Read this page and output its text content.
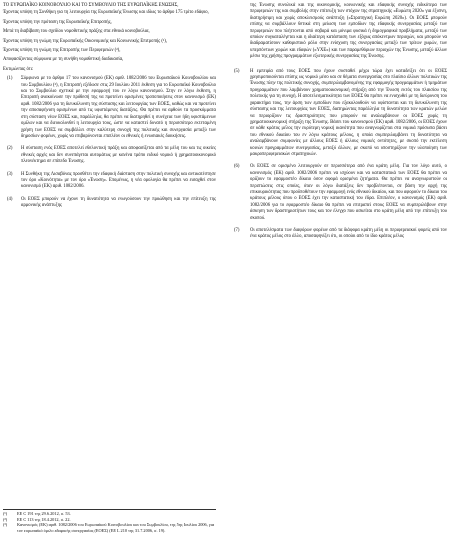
ΤΟ ΕΥΡΩΠΑΪΚΟ ΚΟΙΝΟΒΟΥΛΙΟ ΚΑΙ ΤΟ ΣΥΜΒΟΥΛΙΟ ΤΗΣ ΕΥΡΩΠΑΪΚΗΣ ΕΝΩΣΗΣ,

Έχοντας υπόψη τη Συνθήκη για τη λειτουργία της Ευρωπαϊκής Ένωσης και ιδίως το άρθρο 175 τρίτο εδάφιο,

Έχοντας υπόψη την πρόταση της Ευρωπαϊκής Επιτροπής,

Μετά τη διαβίβαση του σχεδίου νομοθετικής πράξης στα εθνικά κοινοβούλια,

Έχοντας υπόψη τη γνώμη της Ευρωπαϊκής Οικονομικής και Κοινωνικής Επιτροπής (¹),

Έχοντας υπόψη τη γνώμη της Επιτροπής των Περιφερειών (²),

Αποφασίζοντας σύμφωνα με τη συνήθη νομοθετική διαδικασία,

Εκτιμώντας ότι:

(1)	Σύμφωνα με το άρθρο 17 του κανονισμού (ΕΚ) αριθ. 1082/2006 του Ευρωπαϊκού Κοινοβουλίου και του Συμβουλίου (³), η Επιτροπή εξέδωσε στις 29 Ιουλίου 2011 έκθεση για το Ευρωπαϊκό Κοινοβούλιο και το Συμβούλιο σχετικά με την εφαρμογή του εν λόγω κανονισμού. Στην εν λόγω έκθεση, η Επιτροπή ανακοίνωσε την πρόθεσή της να προτείνει ορισμένες τροποποιήσεις στον κανονισμό (ΕΚ) αριθ. 1082/2006 για τη διευκόλυνση της σύστασης και λειτουργίας των ΕΟΕΣ, καθώς και να προτείνει την αποσαφήνιση ορισμένων από τις υφιστάμενες διατάξεις. Θα πρέπει να αρθούν τα προσκόμματα στη σύσταση νέων ΕΟΕΣ και, παράλληλα, θα πρέπει να διατηρηθεί η συνέχεια των ήδη υφιστάμενων ομίλων και να διευκολυνθεί η λειτουργία τους, ώστε να καταστεί δυνατό η περισσότερο εκτεταμένη χρήση των ΕΟΕΣ να συμβάλλει στην καλύτερη συνοχή της πολιτικής και συνεργασία μεταξύ των δημοσίων φορέων, χωρίς να επιβαρύνονται επιπλέον οι εθνικές ή ενωσιακές διοικήσεις.
(2)	Η σύσταση ενός ΕΟΕΣ αποτελεί εθελοντική πράξη και αποφασίζεται από τα μέλη του και τις οικείες εθνικές αρχές και δεν συνεπάγεται αυτομάτως με κανένα τρόπο ειδικό νομικό ή χρηματοοικονομικό πλεονέκτημα σε επίπεδο Ένωσης.
(3)	Η Συνθήκη της Λισαβόνας προσθέτει την εδαφική διάσταση στην πολιτική συνοχής και αντικατέστησε τον όρο «Κοινότητα» με τον όρο «Ένωση». Επομένως, η νέα ορολογία θα πρέπει να εισαχθεί στον κανονισμό (ΕΚ) αριθ. 1082/2006.
(4)	Οι ΕΟΕΣ μπορούν να έχουν τη δυνατότητα να ενωγούσουν την προώθηση και την επίτευξη της αρμονικής ανάπτυξης
(¹)	ΕΕ C 191 της 29.6.2012, σ. 53.
(²)	ΕΕ C 113 της 18.4.2012, σ. 22.
(³)	Κανονισμός (ΕΚ) αριθ. 1082/2006 του Ευρωπαϊκού Κοινοβουλίου και του Συμβουλίου, της 5ης Ιουλίου 2006, για τον ευρωπαϊκό όμιλο εδαφικής συνεργασίας (ΕΟΕΣ) (ΕΕ L 210 της 31.7.2006, σ. 19).

της Ένωσης συνολικά και της οικονομικής, κοινωνικής και εδαφικής συνοχής ειδικότερα των περιφερειών της και συμβολής στην επίτευξη των στόχων της στρατηγικής «Ευρώπη 2020» για έξυπνη, διατηρήσιμη και χωρίς αποκλεισμούς ανάπτυξη («Στρατηγική Ευρώπη 2020»). Οι ΕΟΕΣ μπορούν επίσης να συμβάλλουν θετικά στη μείωση των εμποδίων της εδαφικής συνεργασίας μεταξύ των περιφερειών που πλήττονται από σοβαρά και μόνιμα φυσικά ή δημογραφικά προβλήματα, μεταξύ των οποίων συγκαταλέγεται και η ιδιαίτερη κατάσταση των εξόχως απόκεντρων περιοχών, και μπορούν να διαδραματίσουν καθοριστικό ρόλο στην ενίσχυση της συνεργασίας μεταξύ των τρίτων χωρών, των υπερπόντιων χωρών και εδαφών («ΥΧΕ») και των παραμεθόριων περιοχών της Ένωσης, μεταξύ άλλων μέσω της χρήσης προγραμμάτων εξωτερικής συνεργασίας της Ένωσης.

(5)	Η εμπειρία από τους ΕΟΕΣ που έχουν συσταθεί μέχρι τώρα έχει καταδείξει ότι οι ΕΟΕΣ χρησιμοποιούνται επίσης ως νομικό μέσο και σε θέματα συνεργασίας στο πλαίσιο άλλων πολιτικών της Ένωσης πλην της πολιτικής συνοχής, συμπεριλαμβανομένης της εφαρμογής προγραμμάτων ή τμημάτων προγραμμάτων που λαμβάνουν χρηματοοικονομική στήριξη από την Ένωση εκτός του πλαισίου της πολιτικής για τη συνοχή. Η αποτελεσματικότητα των ΕΟΕΣ θα πρέπει να ενισχυθεί με τη διεύρυνση του χαρακτήρα τους, την άρση των εμποδίων που εξακολουθούν να υφίστανται και τη διευκόλυνση της σύστασης και της λειτουργίας των ΕΟΕΣ, διατηρώντας παράλληλα τη δυνατότητα των κρατών μελών να περιορίζουν τις δραστηριότητες που μπορούν να αναλαμβάνουν οι ΕΟΕΣ χωρίς τη χρηματοοικονομική στήριξη της Ένωσης. Βάσει του κανονισμού (ΕΚ) αριθ. 1082/2006, οι ΕΟΕΣ έχουν σε κάθε κράτος μέλος την ευρύτερη νομική ικανότητα που αναγνωρίζεται στα νομικά πρόσωπα βάσει του εθνικού δικαίου του εν λόγω κράτους μέλους, η οποία συμπεριλαμβάνει τη δυνατότητα να αναλαμβάνουν συμφωνίες με άλλους ΕΟΕΣ ή άλλους νομικές οντότητες, με σκοπό την εκτέλεση κοινών προγραμμάτων συνεργασίας, μεταξύ άλλων, με σκοπό να υποστηρίξουν την υλοποίηση των μακροπεριφερειακών στρατηγικών.
(6)	Οι ΕΟΕΣ σε ορισμένο λειτουργούν σε περισσότερα από ένα κράτη μέλη. Για τον λόγο αυτό, ο κανονισμός (ΕΚ) αριθ. 1082/2006 πρέπει να ισχύουν και να καταστατικά των ΕΟΕΣ θα πρέπει να ορίζουν το εφαρμοστέο δίκαιο όσον αφορά ορισμένα ζητήματα. Θα πρέπει να αναγνωριστούν οι περιπτώσεις στις οποίες, όταν οι λόγω διατάξεις δεν προβλέπονται, σε βάση την αρχή της επικουρικότητας που προϋποθέτουν την εφαρμογή ενός εθνικού δικαίου, και που αφορούν το δίκαιο του κράτους μέλους όπου ο ΕΟΕΣ έχει την καταστατική του έδρα. Επιπλέον, ο κανονισμός (ΕΚ) αριθ. 1082/2006 για το εφαρμοστέο δίκαιο θα πρέπει να επιτραπεί στους ΕΟΕΣ να συμπεριλάβουν στην άσκηση των δραστηριοτήτων τους και τον έλεγχο που ασκείται στο κράτη μέλη από την επίτευξη του σκοπού.
(7)	Οι αποτελέσματα των διαφόρων φορέων από τα διάφορα κράτη μέλη οι περιφερειακοί φορείς από τον ένα κράτος μέλος στο άλλο, αποσαφηνίζει ότι, οι οποίοι από το ίδιο κράτος μέλος
